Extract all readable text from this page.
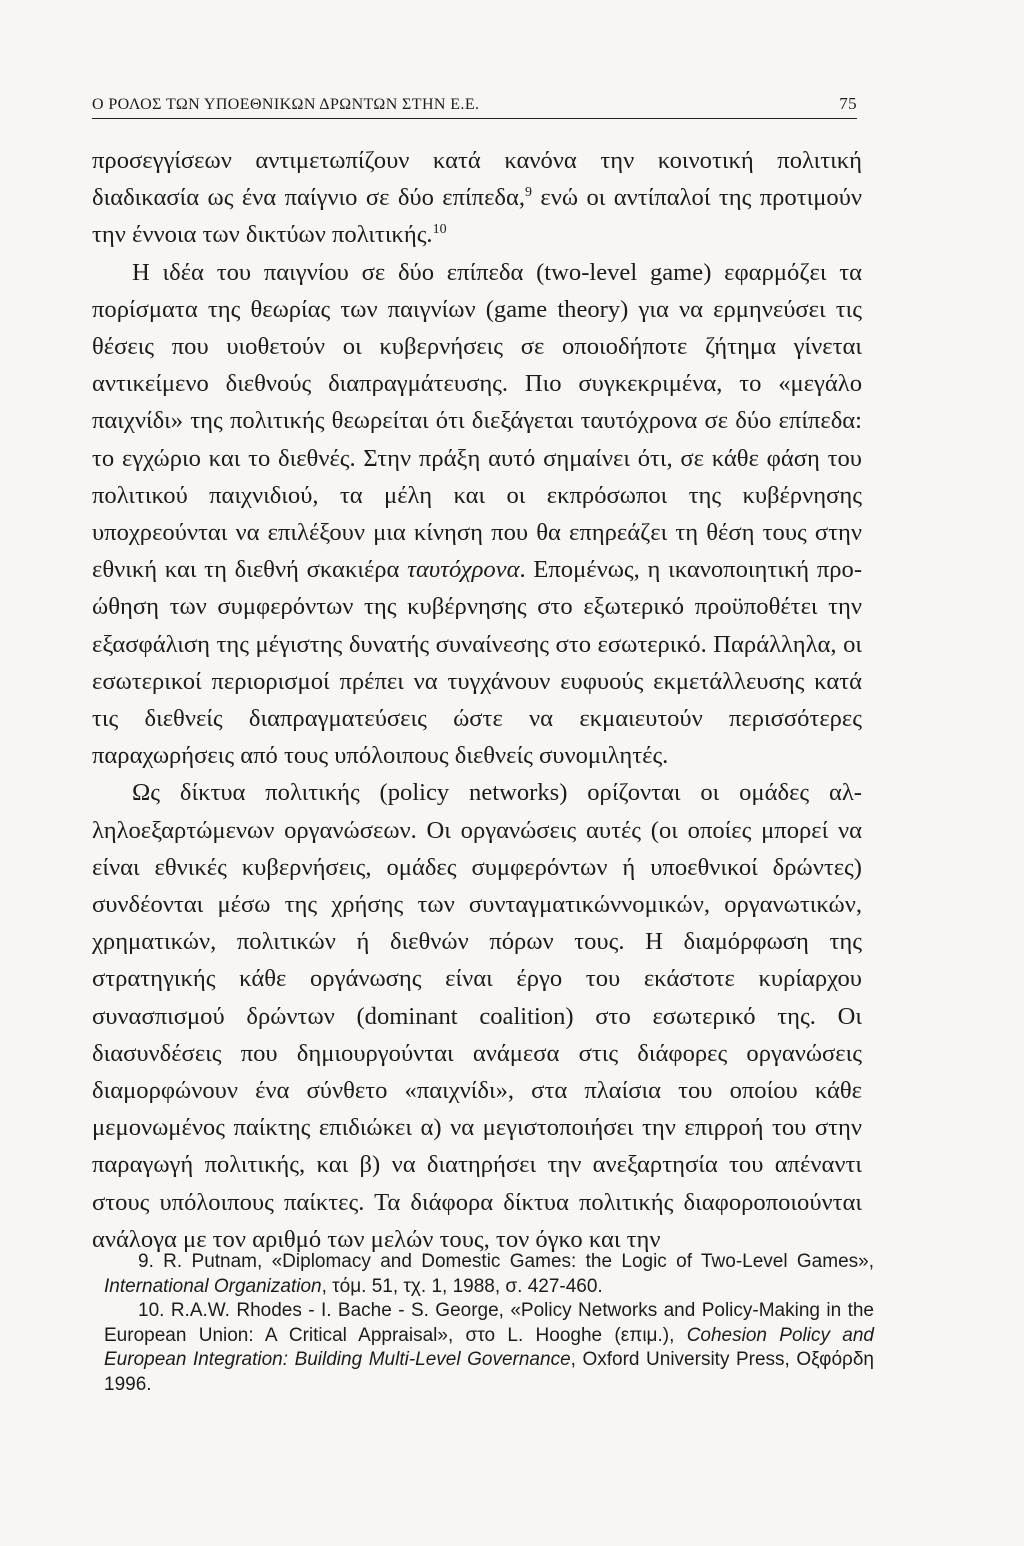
Ο ΡΟΛΟΣ ΤΩΝ ΥΠΟΕΘΝΙΚΩΝ ΔΡΩΝΤΩΝ ΣΤΗΝ Ε.Ε.	75

προσεγγίσεων αντιμετωπίζουν κατά κανόνα την κοινοτική πολιτική διαδικασία ως ένα παίγνιο σε δύο επίπεδα,$^9$ ενώ οι αντίπαλοί της προτιμούν την έννοια των δικτύων πολιτικής.$^{10}$

Η ιδέα του παιγνίου σε δύο επίπεδα (two-level game) εφαρμόζει τα πορίσματα της θεωρίας των παιγνίων (game theory) για να ερμηνεύσει τις θέσεις που υιοθετούν οι κυβερνήσεις σε οποιοδήποτε ζήτημα γίνεται αντικείμενο διεθνούς διαπραγμάτευσης. Πιο συγκεκριμένα, το «μεγάλο παιχνίδι» της πολιτικής θεωρείται ότι διεξάγεται ταυτόχρονα σε δύο επίπεδα: το εγχώριο και το διεθνές. Στην πράξη αυτό σημαίνει ότι, σε κάθε φάση του πολιτικού παιχνιδιού, τα μέλη και οι εκπρόσωποι της κυβέρνησης υποχρεούνται να επιλέξουν μια κίνηση που θα επηρεάζει τη θέση τους στην εθνική και τη διεθνή σκακιέρα ταυτόχρονα. Επομένως, η ικανοποιητική προώθηση των συμφερόντων της κυβέρνησης στο εξωτερικό προϋποθέτει την εξασφάλιση της μέγιστης δυνατής συναίνεσης στο εσωτερικό. Παράλληλα, οι εσωτερικοί περιορισμοί πρέπει να τυγχάνουν ευφυούς εκμετάλλευσης κατά τις διεθνείς διαπραγματεύσεις ώστε να εκμαιευτούν περισσότερες παραχωρήσεις από τους υπόλοιπους διεθνείς συνομιλητές.

Ως δίκτυα πολιτικής (policy networks) ορίζονται οι ομάδες αλληλοεξαρτώμενων οργανώσεων. Οι οργανώσεις αυτές (οι οποίες μπορεί να είναι εθνικές κυβερνήσεις, ομάδες συμφερόντων ή υποεθνικοί δρώντες) συνδέονται μέσω της χρήσης των συνταγματικώννομικών, οργανωτικών, χρηματικών, πολιτικών ή διεθνών πόρων τους. Η διαμόρφωση της στρατηγικής κάθε οργάνωσης είναι έργο του εκάστοτε κυρίαρχου συνασπισμού δρώντων (dominant coalition) στο εσωτερικό της. Οι διασυνδέσεις που δημιουργούνται ανάμεσα στις διάφορες οργανώσεις διαμορφώνουν ένα σύνθετο «παιχνίδι», στα πλαίσια του οποίου κάθε μεμονωμένος παίκτης επιδιώκει α) να μεγιστοποιήσει την επιρροή του στην παραγωγή πολιτικής, και β) να διατηρήσει την ανεξαρτησία του απέναντι στους υπόλοιπους παίκτες. Τα διάφορα δίκτυα πολιτικής διαφοροποιούνται ανάλογα με τον αριθμό των μελών τους, τον όγκο και την

9. R. Putnam, «Diplomacy and Domestic Games: the Logic of Two-Level Games», International Organization, τόμ. 51, τχ. 1, 1988, σ. 427-460.

10. R.A.W. Rhodes - I. Bache - S. George, «Policy Networks and Policy-Making in the European Union: A Critical Appraisal», στο L. Hooghe (επιμ.), Cohesion Policy and European Integration: Building Multi-Level Governance, Oxford University Press, Οξφόρδη 1996.
